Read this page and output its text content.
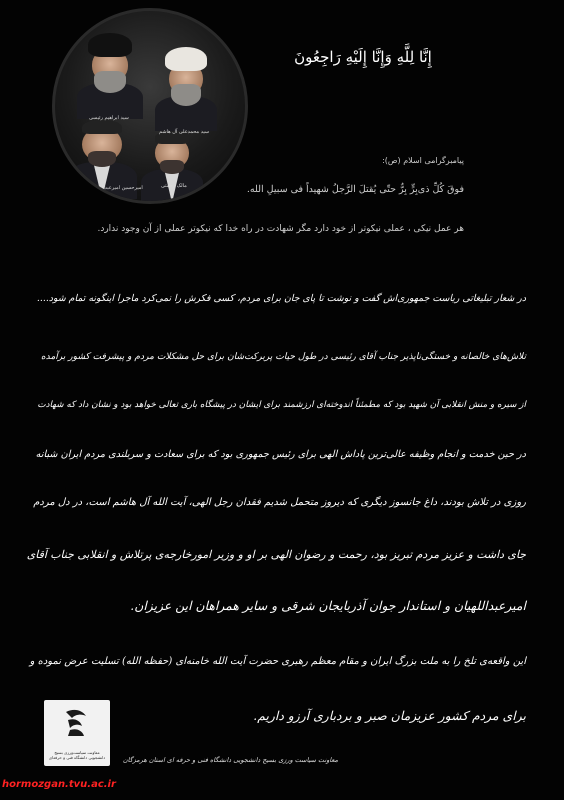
سید ابراهیم رئیسی
سید محمدعلی آل هاشم
امیرحسین امیرعبداللهیان	مالک رحمتی
إِنَّا لِلَّهِ وَإِنَّا إِلَيْهِ رَاجِعُونَ
پیامبرگرامی اسلام (ص):
فوقَ کُلِّ ذی‌بِرٍّ بِرٌّ حتّی یُقتلَ الرَّجلُ شهیداً فی سبیلِ الله.
هر عمل نیکی ، عملی نیکوتر از خود دارد مگر شهادت در راه خدا که نیکوتر عملی از آن وجود ندارد.
در شعار تبلیغاتی ریاست جمهوری‌اش گفت و نوشت تا پای جان برای مردم، کسی فکرش را نمی‌کرد ماجرا اینگونه تمام شود....
تلاش‌های خالصانه و خستگی‌ناپذیر جناب آقای رئیسی در طول حیات پربرکت‌شان برای حل مشکلات مردم و پیشرفت کشور برآمده
از سیره و منش انقلابی آن شهید بود که مطمئناً اندوخته‌ای ارزشمند برای ایشان در پیشگاه باری تعالی خواهد بود و نشان داد که شهادت
در حین خدمت و انجام وظیفه عالی‌ترین پاداش الهی برای رئیس جمهوری بود که برای سعادت و سربلندی مردم ایران شبانه
روزی در تلاش بودند، داغ جانسوز دیگری که دیروز متحمل شدیم فقدان رجل الهی، آیت الله آل هاشم است، در دل مردم
جای داشت و عزیز مردم تبریز بود، رحمت و رضوان الهی بر او و وزیر امورخارجه‌ی پرتلاش و انقلابی جناب آقای
امیرعبداللهیان و استاندار جوان آذربایجان شرقی و سایر همراهان این عزیزان.
این واقعه‌ی تلخ را به ملت بزرگ ایران و مقام معظم رهبری حضرت آیت الله خامنه‌ای (حفظه الله) تسلیت عرض نموده و
برای مردم کشور عزیزمان صبر و بردباری آرزو داریم.
معاونت سیاست‌ورزی بسیج دانشجویی دانشگاه فنی و حرفه‌ای	معاونت سیاست ورزی بسیج دانشجویی دانشگاه فنی و حرفه ای استان هرمزگان
hormozgan.tvu.ac.ir
